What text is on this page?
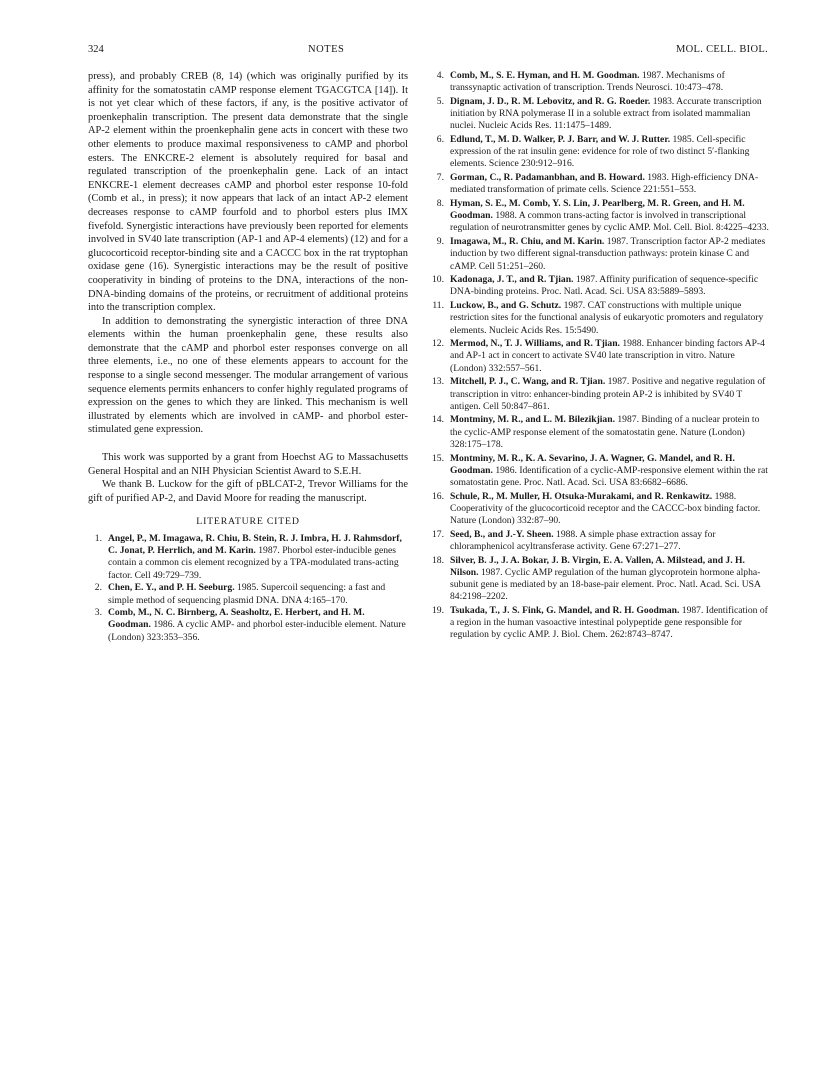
324	NOTES	MOL. CELL. BIOL.

press), and probably CREB (8, 14) (which was originally purified by its affinity for the somatostatin cAMP response element TGACGTCA [14]). It is not yet clear which of these factors, if any, is the positive activator of proenkephalin transcription. The present data demonstrate that the single AP-2 element within the proenkephalin gene acts in concert with these two other elements to produce maximal responsiveness to cAMP and phorbol esters. The ENKCRE-2 element is absolutely required for basal and regulated transcription of the proenkephalin gene. Lack of an intact ENKCRE-1 element decreases cAMP and phorbol ester response 10-fold (Comb et al., in press); it now appears that lack of an intact AP-2 element decreases response to cAMP fourfold and to phorbol esters plus IMX fivefold. Synergistic interactions have previously been reported for elements involved in SV40 late transcription (AP-1 and AP-4 elements) (12) and for a glucocorticoid receptor-binding site and a CACCC box in the rat tryptophan oxidase gene (16). Synergistic interactions may be the result of positive cooperativity in binding of proteins to the DNA, interactions of the non-DNA-binding domains of the proteins, or recruitment of additional proteins into the transcription complex.

In addition to demonstrating the synergistic interaction of three DNA elements within the human proenkephalin gene, these results also demonstrate that the cAMP and phorbol ester responses converge on all three elements, i.e., no one of these elements appears to account for the response to a single second messenger. The modular arrangement of various sequence elements permits enhancers to confer highly regulated programs of expression on the genes to which they are linked. This mechanism is well illustrated by elements which are involved in cAMP- and phorbol ester-stimulated gene expression.

This work was supported by a grant from Hoechst AG to Massachusetts General Hospital and an NIH Physician Scientist Award to S.E.H.

We thank B. Luckow for the gift of pBLCAT-2, Trevor Williams for the gift of purified AP-2, and David Moore for reading the manuscript.

LITERATURE CITED
1. Angel, P., M. Imagawa, R. Chiu, B. Stein, R. J. Imbra, H. J. Rahmsdorf, C. Jonat, P. Herrlich, and M. Karin. 1987. Phorbol ester-inducible genes contain a common cis element recognized by a TPA-modulated trans-acting factor. Cell 49:729–739.
2. Chen, E. Y., and P. H. Seeburg. 1985. Supercoil sequencing: a fast and simple method of sequencing plasmid DNA. DNA 4:165–170.
3. Comb, M., N. C. Birnberg, A. Seasholtz, E. Herbert, and H. M. Goodman. 1986. A cyclic AMP- and phorbol ester-inducible element. Nature (London) 323:353–356.
4. Comb, M., S. E. Hyman, and H. M. Goodman. 1987. Mechanisms of transsynaptic activation of transcription. Trends Neurosci. 10:473–478.
5. Dignam, J. D., R. M. Lebovitz, and R. G. Roeder. 1983. Accurate transcription initiation by RNA polymerase II in a soluble extract from isolated mammalian nuclei. Nucleic Acids Res. 11:1475–1489.
6. Edlund, T., M. D. Walker, P. J. Barr, and W. J. Rutter. 1985. Cell-specific expression of the rat insulin gene: evidence for role of two distinct 5′-flanking elements. Science 230:912–916.
7. Gorman, C., R. Padamanbhan, and B. Howard. 1983. High-efficiency DNA-mediated transformation of primate cells. Science 221:551–553.
8. Hyman, S. E., M. Comb, Y. S. Lin, J. Pearlberg, M. R. Green, and H. M. Goodman. 1988. A common trans-acting factor is involved in transcriptional regulation of neurotransmitter genes by cyclic AMP. Mol. Cell. Biol. 8:4225–4233.
9. Imagawa, M., R. Chiu, and M. Karin. 1987. Transcription factor AP-2 mediates induction by two different signal-transduction pathways: protein kinase C and cAMP. Cell 51:251–260.
10. Kadonaga, J. T., and R. Tjian. 1987. Affinity purification of sequence-specific DNA-binding proteins. Proc. Natl. Acad. Sci. USA 83:5889–5893.
11. Luckow, B., and G. Schutz. 1987. CAT constructions with multiple unique restriction sites for the functional analysis of eukaryotic promoters and regulatory elements. Nucleic Acids Res. 15:5490.
12. Mermod, N., T. J. Williams, and R. Tjian. 1988. Enhancer binding factors AP-4 and AP-1 act in concert to activate SV40 late transcription in vitro. Nature (London) 332:557–561.
13. Mitchell, P. J., C. Wang, and R. Tjian. 1987. Positive and negative regulation of transcription in vitro: enhancer-binding protein AP-2 is inhibited by SV40 T antigen. Cell 50:847–861.
14. Montminy, M. R., and L. M. Bilezikjian. 1987. Binding of a nuclear protein to the cyclic-AMP response element of the somatostatin gene. Nature (London) 328:175–178.
15. Montminy, M. R., K. A. Sevarino, J. A. Wagner, G. Mandel, and R. H. Goodman. 1986. Identification of a cyclic-AMP-responsive element within the rat somatostatin gene. Proc. Natl. Acad. Sci. USA 83:6682–6686.
16. Schule, R., M. Muller, H. Otsuka-Murakami, and R. Renkawitz. 1988. Cooperativity of the glucocorticoid receptor and the CACCC-box binding factor. Nature (London) 332:87–90.
17. Seed, B., and J.-Y. Sheen. 1988. A simple phase extraction assay for chloramphenicol acyltransferase activity. Gene 67:271–277.
18. Silver, B. J., J. A. Bokar, J. B. Virgin, E. A. Vallen, A. Milstead, and J. H. Nilson. 1987. Cyclic AMP regulation of the human glycoprotein hormone alpha-subunit gene is mediated by an 18-base-pair element. Proc. Natl. Acad. Sci. USA 84:2198–2202.
19. Tsukada, T., J. S. Fink, G. Mandel, and R. H. Goodman. 1987. Identification of a region in the human vasoactive intestinal polypeptide gene responsible for regulation by cyclic AMP. J. Biol. Chem. 262:8743–8747.
